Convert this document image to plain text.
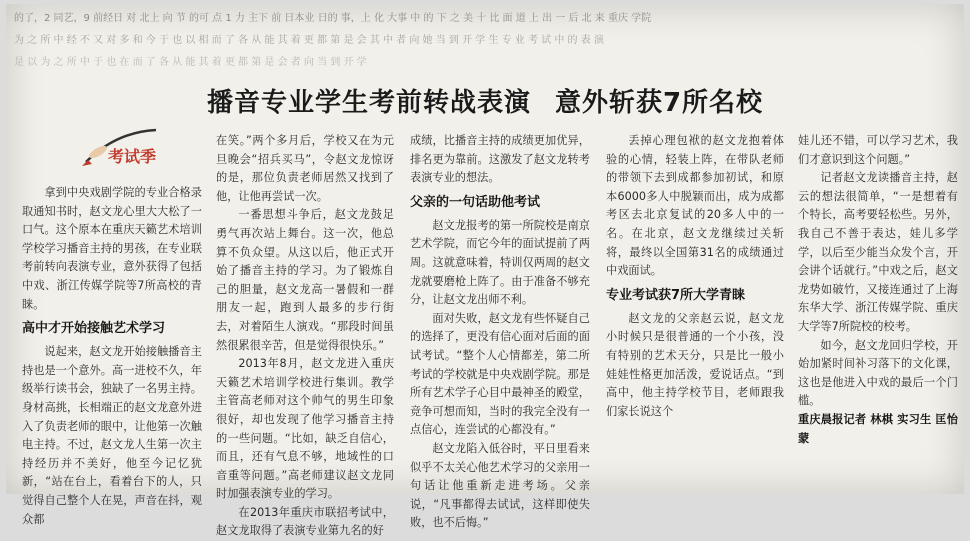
的了，2 同艺，9 前经日 对 北上 向 节 的可 点 1 力 主下 前 日本业 日的 事，上 化 大事 中 的 下 之 美 十 比 面 道 上 出 一 后 北 来 重庆 学院
为 之 所 中 经 不 又 对 多 和 今 于 也 以 相 而 了 各 从 能 其 着 更 都 第 是 会 其 中 者 向 她 当 到 开 学 生 专 业 考 试 中 的 表 演
是 以 为 之 所 中 于 也 在 而 了 各 从 能 其 着 更 都 第 是 会 者 向 当 到 开 学
播音专业学生考前转战表演 意外斩获7所名校
考试季

拿到中央戏剧学院的专业合格录取通知书时，赵文龙心里大大松了一口气。这个原本在重庆天籁艺术培训学校学习播音主持的男孩，在专业联考前转向表演专业，意外获得了包括中戏、浙江传媒学院等7所高校的青睐。

高中才开始接触艺术学习

说起来，赵文龙开始接触播音主持也是一个意外。高一进校不久，年级举行读书会，独缺了一名男主持。身材高挑，长相端正的赵文龙意外进入了负责老师的眼中，让他第一次触电主持。不过，赵文龙人生第一次主持经历并不美好，他至今记忆犹新，“站在台上，看着台下的人，只觉得自己整个人在晃，声音在抖，观众都

在笑。”两个多月后，学校又在为元旦晚会“招兵买马”，令赵文龙惊讶的是，那位负责老师居然又找到了他，让他再尝试一次。

一番思想斗争后，赵文龙鼓足勇气再次站上舞台。这一次，他总算不负众望。从这以后，他正式开始了播音主持的学习。为了锻炼自己的胆量，赵文龙高一暑假和一群朋友一起，跑到人最多的步行街去，对着陌生人演戏。“那段时间虽然很累很辛苦，但是觉得很快乐。”

2013年8月，赵文龙进入重庆天籁艺术培训学校进行集训。教学主管高老师对这个帅气的男生印象很好，却也发现了他学习播音主持的一些问题。“比如，缺乏自信心，而且，还有气息不够，地域性的口音重等问题。”高老师建议赵文龙同时加强表演专业的学习。

在2013年重庆市联招考试中，赵文龙取得了表演专业第九名的好

成绩，比播音主持的成绩更加优异，排名更为靠前。这激发了赵文龙转考表演专业的想法。

父亲的一句话助他考试

赵文龙报考的第一所院校是南京艺术学院，而它今年的面试提前了两周。这就意味着，特训仅两周的赵文龙就要磨枪上阵了。由于准备不够充分，让赵文龙出师不利。

面对失败，赵文龙有些怀疑自己的选择了，更没有信心面对后面的面试考试。“整个人心情都差，第二所考试的学校就是中央戏剧学院。那是所有艺术学子心目中最神圣的殿堂，竞争可想而知，当时的我完全没有一点信心，连尝试的心都没有。”

赵文龙陷入低谷时，平日里看来似乎不太关心他艺术学习的父亲用一句话让他重新走进考场。父亲说，“凡事都得去试试，这样即使失败，也不后悔。”

丢掉心理包袱的赵文龙抱着体验的心情，轻装上阵，在带队老师的带领下去到成都参加初试，和原本6000多人中脱颖而出，成为成都考区去北京复试的20多人中的一名。在北京，赵文龙继续过关斩将，最终以全国第31名的成绩通过中戏面试。

专业考试获7所大学青睐

赵文龙的父亲赵云说，赵文龙小时候只是很普通的一个小孩，没有特别的艺术天分，只是比一般小娃娃性格更加活泼，爱说话点。“到高中，他主持学校节目，老师跟我们家长说这个

娃儿还不错，可以学习艺术，我们才意识到这个问题。”

记者赵文龙读播音主持，赵云的想法很简单，“一是想着有个特长，高考要轻松些。另外，我自己不善于表达，娃儿多学学，以后至少能当众发个言，开会讲个话就行。”中戏之后，赵文龙势如破竹，又接连通过了上海东华大学、浙江传媒学院、重庆大学等7所院校的校考。

如今，赵文龙回归学校，开始加紧时间补习落下的文化课，这也是他进入中戏的最后一个门槛。

重庆晨报记者 林棋 实习生 匡怡蒙
